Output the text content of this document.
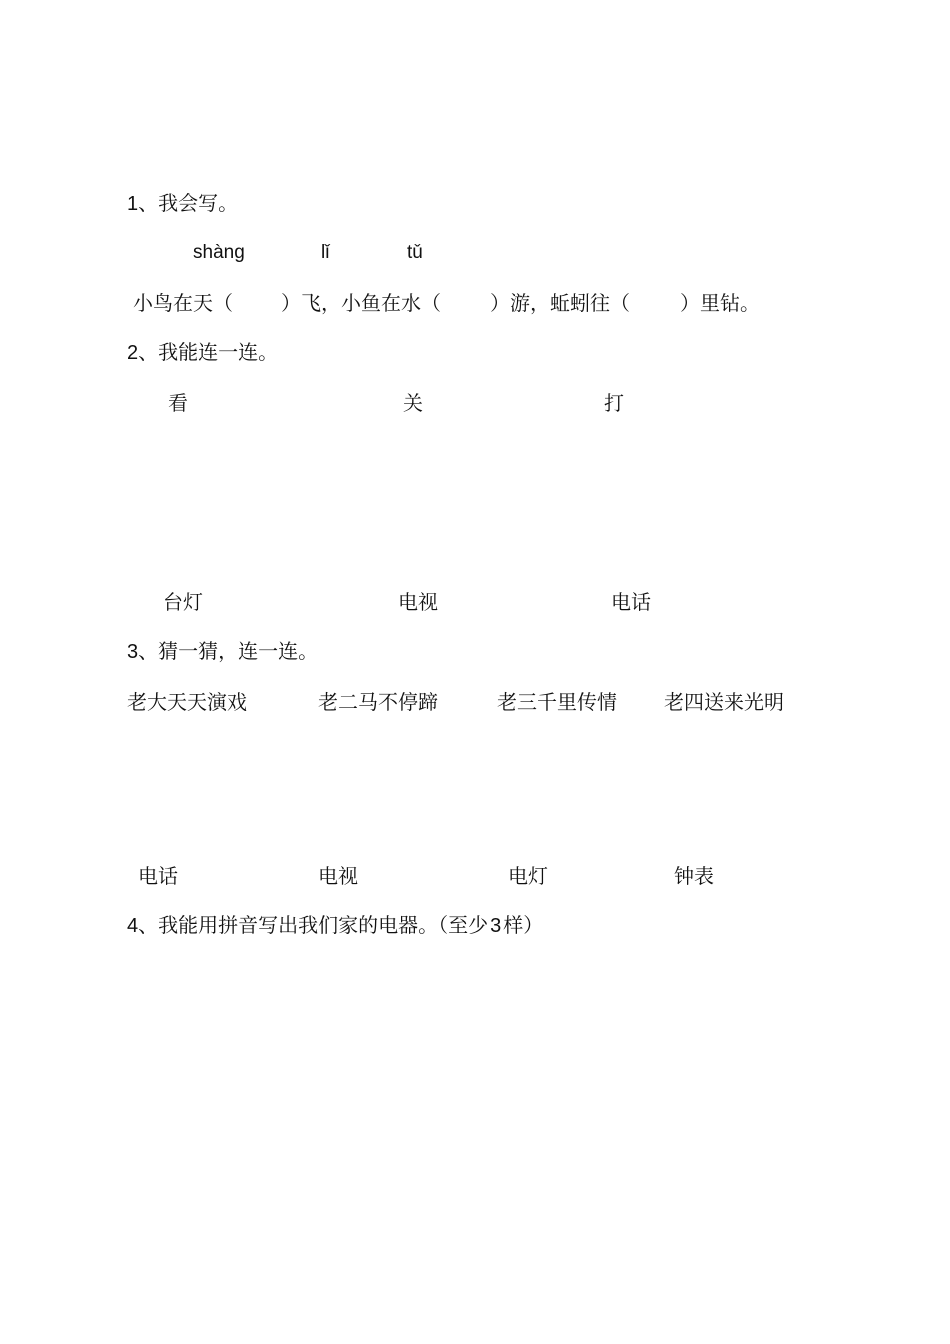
1、我会写。
shàng	lǐ	tǔ
小鸟在天（ ）飞，小鱼在水（ ）游，蚯蚓往（	）里钻。
2、我能连一连。
看	关	打
台灯	电视	电话
3、猜一猜，连一连。
老大天天演戏	老二马不停蹄	老三千里传情 老四送来光明
电话	电视	电灯	钟表
4、我能用拼音写出我们家的电器。（至少 3 样）
